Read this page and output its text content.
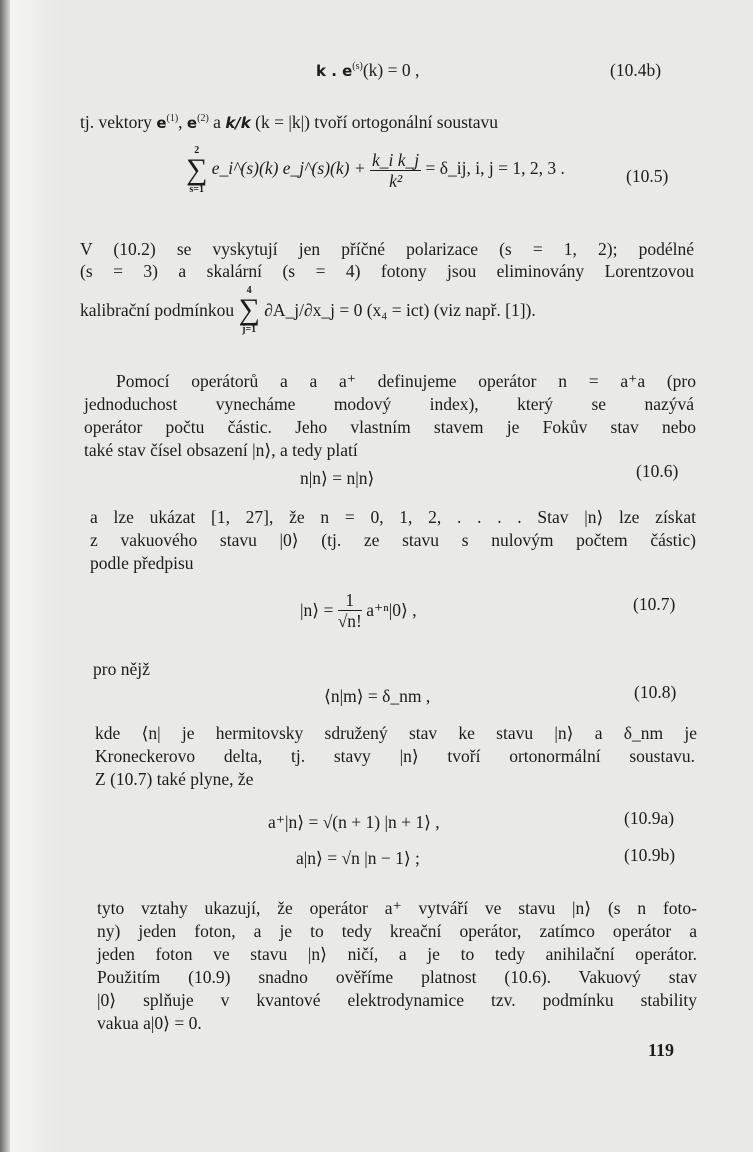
k . $e^{(s)}(k) = 0$ ,	(10.4b)
tj. vektory $e^{(1)}$, $e^{(2)}$ a k/k (k = |k|) tvoří ortogonální soustavu
2
∑
s=1
e_i^(s)(k) e_j^(s)(k) + $\frac{\text{k\_i k\_j}}{\text{k²}}$ = δ_ij, i, j = 1, 2, 3 .	(10.5)
V (10.2) se vyskytují jen příčné polarizace (s = 1, 2); podélné
(s = 3) a skalární (s = 4) fotony jsou eliminovány Lorentzovou
kalibrační podmínkou
4
∑
j=1
∂A_j/∂x_j = 0 (x₄ = ict) (viz např. [1]).
Pomocí operátorů a a a⁺ definujeme operátor n = a⁺a (pro
jednoduchost vynecháme modový index), který se nazývá
operátor počtu částic. Jeho vlastním stavem je Fokův stav nebo
také stav čísel obsazení |n⟩, a tedy platí
n|n⟩ = n|n⟩	(10.6)
a lze ukázat [1, 27], že n = 0, 1, 2, . . . . Stav |n⟩ lze získat
z vakuového stavu |0⟩ (tj. ze stavu s nulovým počtem částic)
podle předpisu
|n⟩ = $\frac{1}{√n!}$ a⁺ⁿ|0⟩ ,	(10.7)
pro nějž
⟨n|m⟩ = δ_nm ,	(10.8)
kde ⟨n| je hermitovsky sdružený stav ke stavu |n⟩ a δ_nm je
Kroneckerovo delta, tj. stavy |n⟩ tvoří ortonormální soustavu.
Z (10.7) také plyne, že
a⁺|n⟩ = √(n + 1) |n + 1⟩ ,	(10.9a)
a|n⟩ = √n |n − 1⟩ ;	(10.9b)
tyto vztahy ukazují, že operátor a⁺ vytváří ve stavu |n⟩ (s n foto-
ny) jeden foton, a je to tedy kreační operátor, zatímco operátor a
jeden foton ve stavu |n⟩ ničí, a je to tedy anihilační operátor.
Použitím (10.9) snadno ověříme platnost (10.6). Vakuový stav
|0⟩ splňuje v kvantové elektrodynamice tzv. podmínku stability
vakua a|0⟩ = 0.
119
